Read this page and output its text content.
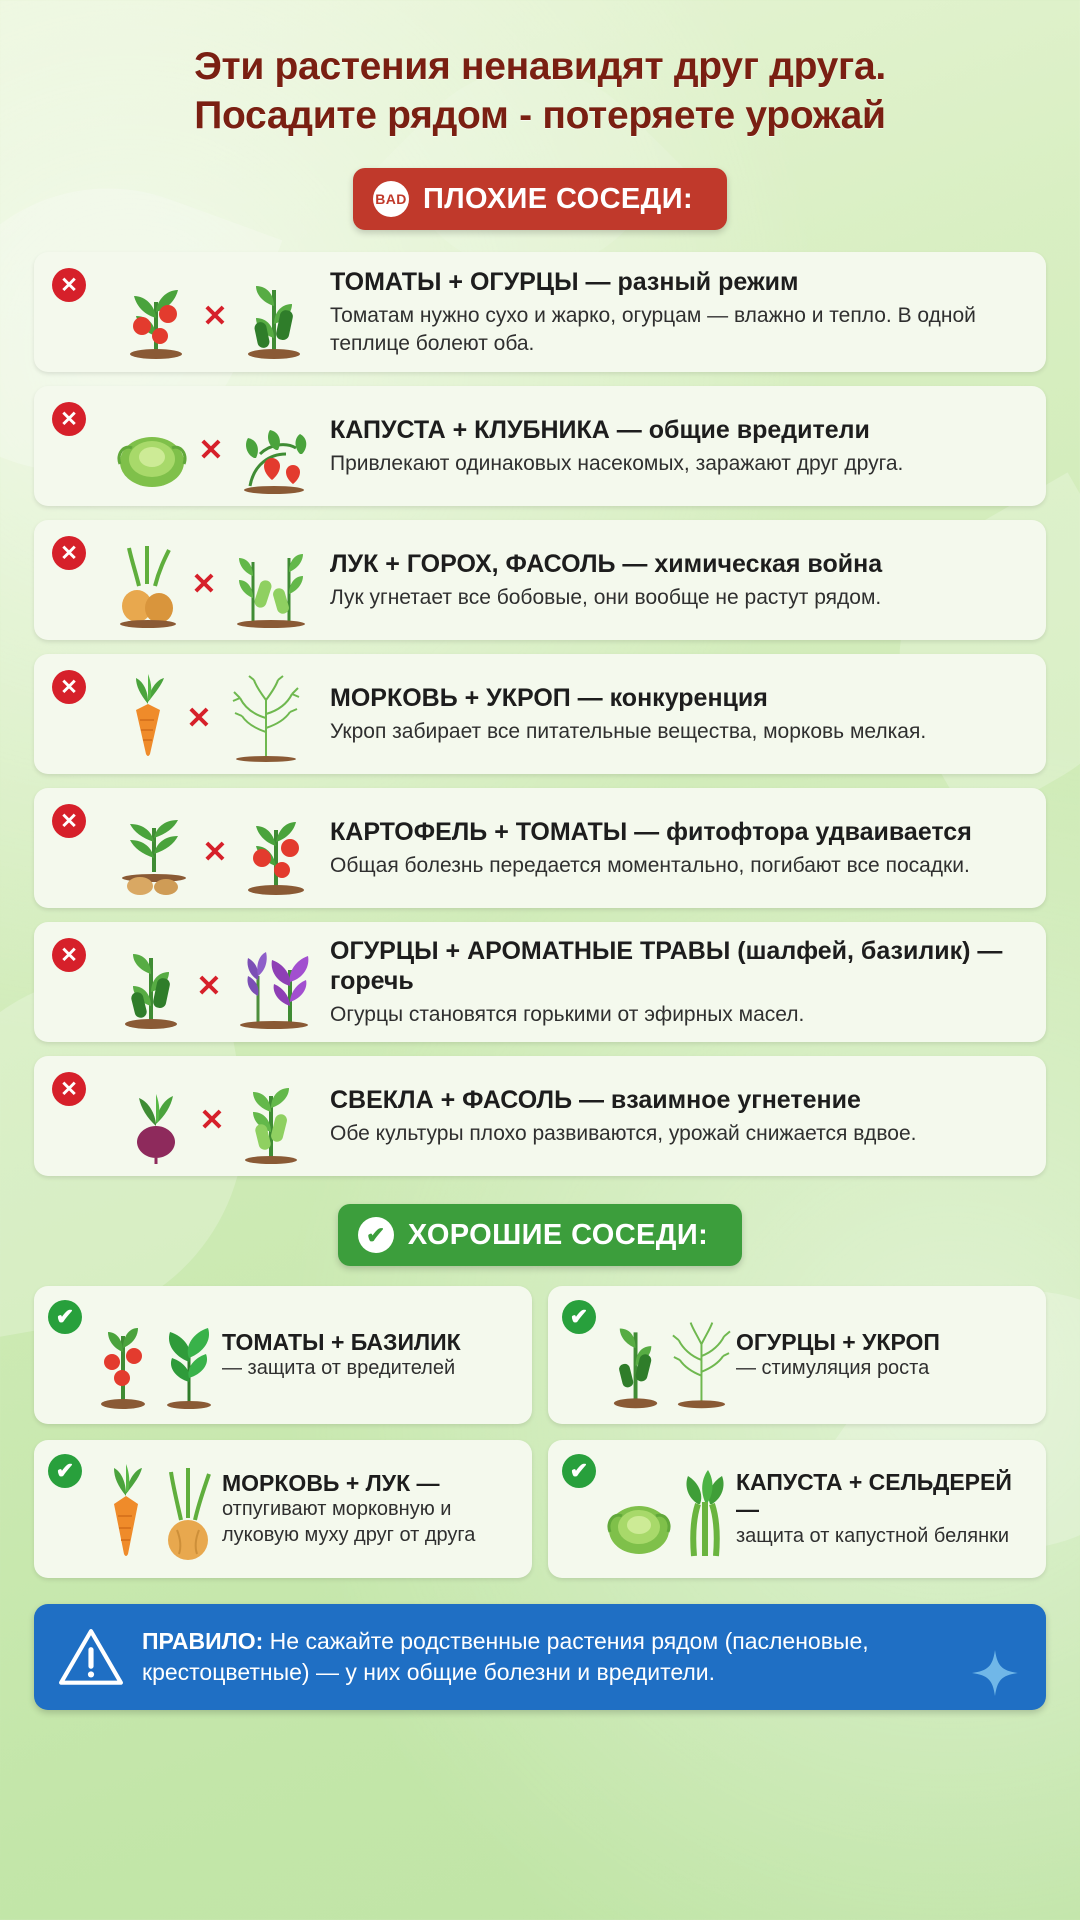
Эти растения ненавидят друг друга.
Посадите рядом - потеряете урожай
BAD ПЛОХИЕ СОСЕДИ:
✕
✕
ТОМАТЫ + ОГУРЦЫ — разный режим

Томатам нужно сухо и жарко, огурцам — влажно и тепло. В одной теплице болеют оба.

✕
✕
КАПУСТА + КЛУБНИКА — общие вредители

Привлекают одинаковых насекомых, заражают друг друга.

✕
✕
ЛУК + ГОРОХ, ФАСОЛЬ — химическая война

Лук угнетает все бобовые, они вообще не растут рядом.

✕
✕
МОРКОВЬ + УКРОП — конкуренция

Укроп забирает все питательные вещества, морковь мелкая.

✕
✕
КАРТОФЕЛЬ + ТОМАТЫ — фитофтора удваивается

Общая болезнь передается моментально, погибают все посадки.

✕
✕
ОГУРЦЫ + АРОМАТНЫЕ ТРАВЫ (шалфей, базилик) — горечь

Огурцы становятся горькими от эфирных масел.

✕
✕
СВЕКЛА + ФАСОЛЬ — взаимное угнетение

Обе культуры плохо развиваются, урожай снижается вдвое.

✔ ХОРОШИЕ СОСЕДИ:
✔
ТОМАТЫ + БАЗИЛИК

— защита от вредителей

✔
ОГУРЦЫ + УКРОП

— стимуляция роста

✔	МОРКОВЬ + ЛУК —

отпугивают морковную и луковую муху друг от друга

✔	КАПУСТА + СЕЛЬДЕРЕЙ —

защита от капустной белянки

ПРАВИЛО: Не сажайте родственные растения рядом (пасленовые, крестоцветные) — у них общие болезни и вредители.
